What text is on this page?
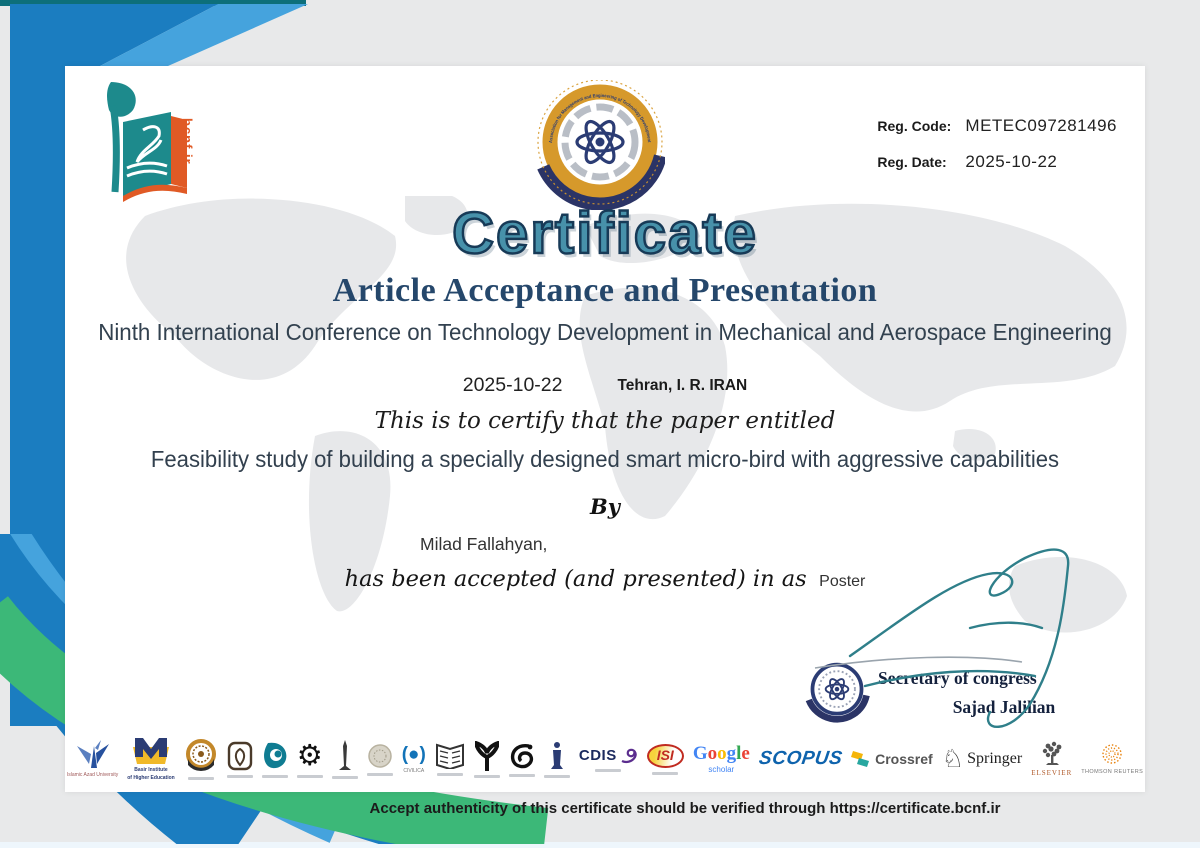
bcnf.ir	Association for Management and Engineering of Technology Development
Reg. Code: METEC097281496
Reg. Date:	2025-10-22
Certificate
Article Acceptance and Presentation
Ninth International Conference on Technology Development in Mechanical and Aerospace Engineering
2025-10-22	Tehran, I. R. IRAN
This is to certify that the paper entitled
Feasibility study of building a specially designed smart micro-bird with aggressive capabilities
By
Milad Fallahyan,
has been accepted (and presented) in as Poster
Secretary of congress
Sajad Jalilian
Islamic Azad University
Basir Institute
of Higher Education
⚙	(●)
CIVILICA
CDIS	ISI	Google
scholar SCOPUS Crossref ♘ Springer
ELSEVIER THOMSON REUTERS
Accept authenticity of this certificate should be verified through https://certificate.bcnf.ir
